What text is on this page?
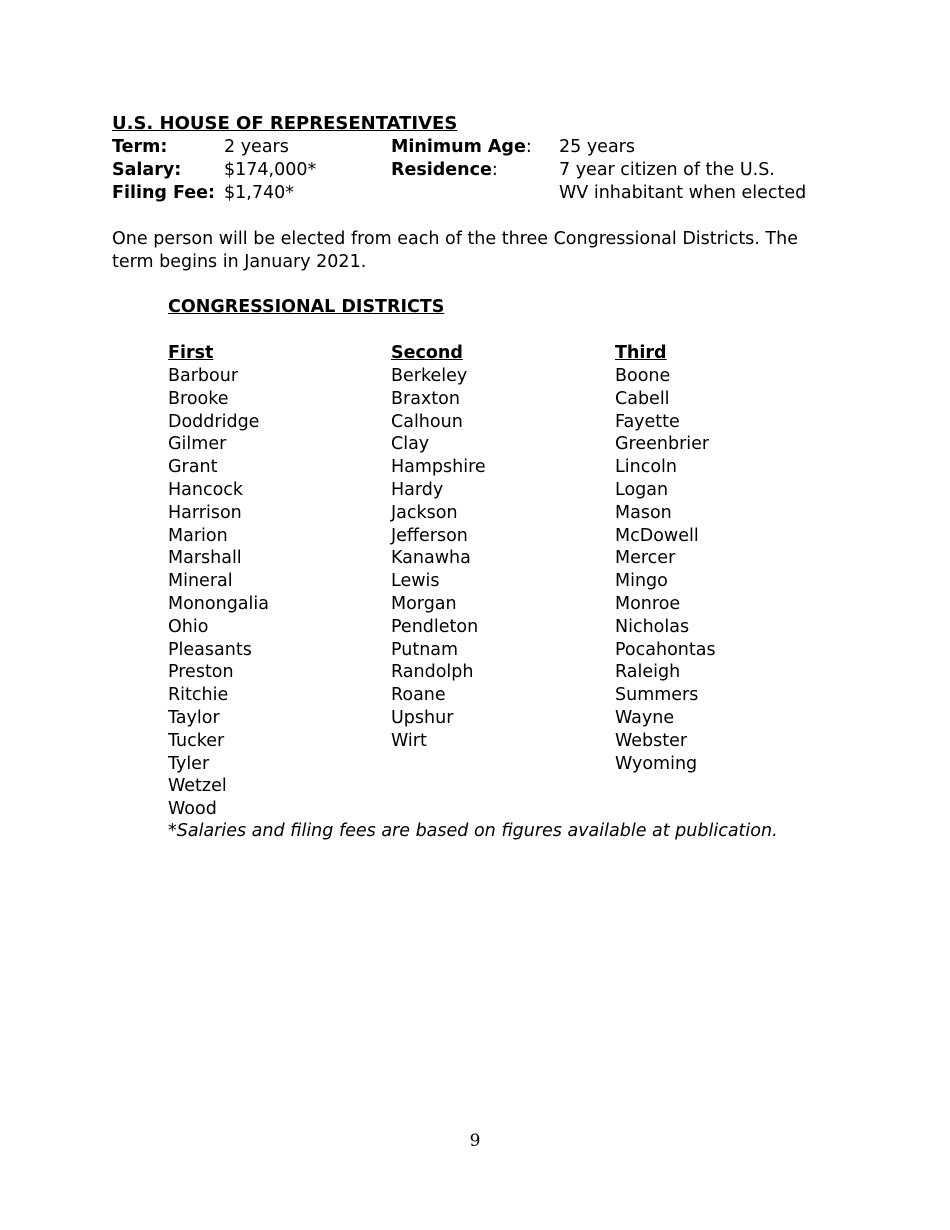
U.S. HOUSE OF REPRESENTATIVES
Term:	2 years
Salary: $174,000*
Filing Fee: $1,740*
Minimum Age: 25 years
Residence:	7 year citizen of the U.S.
WV inhabitant when elected
One person will be elected from each of the three Congressional Districts. The term begins in January 2021.
CONGRESSIONAL DISTRICTS
First
Barbour
Brooke
Doddridge
Gilmer
Grant
Hancock
Harrison
Marion
Marshall
Mineral
Monongalia
Ohio
Pleasants
Preston
Ritchie
Taylor
Tucker
Tyler
Wetzel
Wood
Second
Berkeley
Braxton
Calhoun
Clay
Hampshire
Hardy
Jackson
Jefferson
Kanawha
Lewis
Morgan
Pendleton
Putnam
Randolph
Roane
Upshur
Wirt
Third
Boone
Cabell
Fayette
Greenbrier
Lincoln
Logan
Mason
McDowell
Mercer
Mingo
Monroe
Nicholas
Pocahontas
Raleigh
Summers
Wayne
Webster
Wyoming
*Salaries and filing fees are based on figures available at publication.
9
